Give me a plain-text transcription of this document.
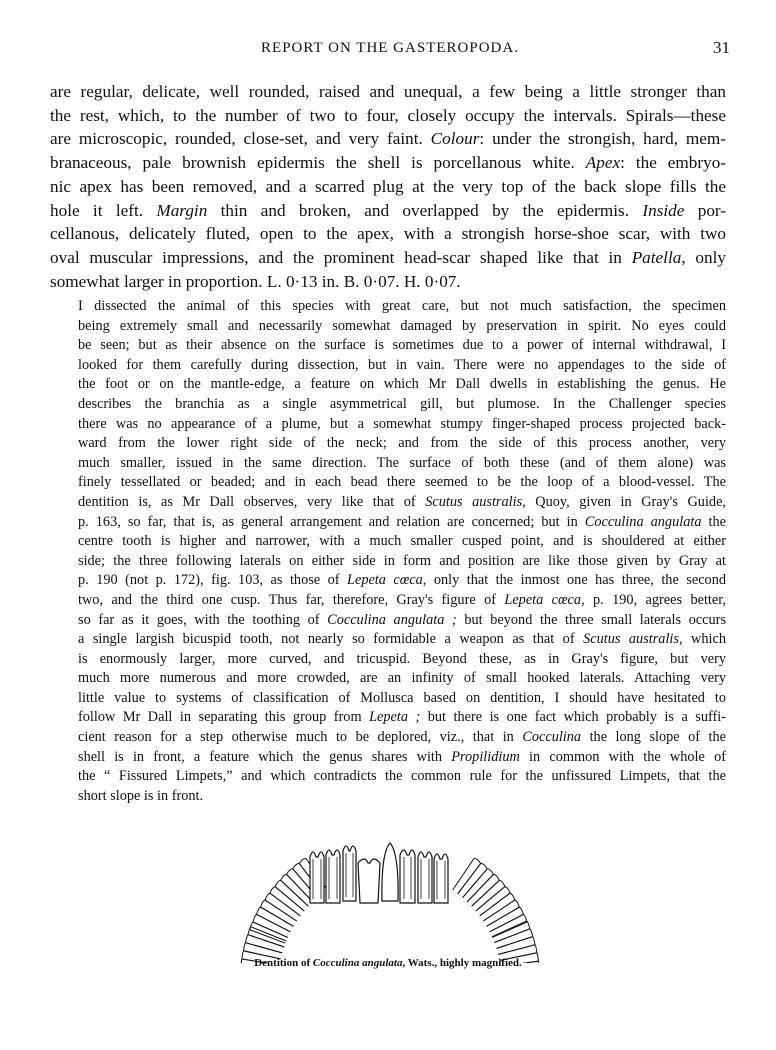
REPORT ON THE GASTEROPODA.	31

are regular, delicate, well rounded, raised and unequal, a few being a little stronger than
the rest, which, to the number of two to four, closely occupy the intervals. Spirals—these
are microscopic, rounded, close-set, and very faint. Colour: under the strongish, hard, mem-
branaceous, pale brownish epidermis the shell is porcellanous white. Apex: the embryo-
nic apex has been removed, and a scarred plug at the very top of the back slope fills the
hole it left. Margin thin and broken, and overlapped by the epidermis. Inside por-
cellanous, delicately fluted, open to the apex, with a strongish horse-shoe scar, with two
oval muscular impressions, and the prominent head-scar shaped like that in Patella, only
somewhat larger in proportion. L. 0·13 in. B. 0·07. H. 0·07.

I dissected the animal of this species with great care, but not much satisfaction, the specimen
being extremely small and necessarily somewhat damaged by preservation in spirit. No eyes could
be seen; but as their absence on the surface is sometimes due to a power of internal withdrawal, I
looked for them carefully during dissection, but in vain. There were no appendages to the side of
the foot or on the mantle-edge, a feature on which Mr Dall dwells in establishing the genus. He
describes the branchia as a single asymmetrical gill, but plumose. In the Challenger species
there was no appearance of a plume, but a somewhat stumpy finger-shaped process projected back-
ward from the lower right side of the neck; and from the side of this process another, very
much smaller, issued in the same direction. The surface of both these (and of them alone) was
finely tessellated or beaded; and in each bead there seemed to be the loop of a blood-vessel. The
dentition is, as Mr Dall observes, very like that of Scutus australis, Quoy, given in Gray's Guide,
p. 163, so far, that is, as general arrangement and relation are concerned; but in Cocculina angulata the
centre tooth is higher and narrower, with a much smaller cusped point, and is shouldered at either
side; the three following laterals on either side in form and position are like those given by Gray at
p. 190 (not p. 172), fig. 103, as those of Lepeta cœca, only that the inmost one has three, the second
two, and the third one cusp. Thus far, therefore, Gray's figure of Lepeta cœca, p. 190, agrees better,
so far as it goes, with the toothing of Cocculina angulata ; but beyond the three small laterals occurs
a single largish bicuspid tooth, not nearly so formidable a weapon as that of Scutus australis, which
is enormously larger, more curved, and tricuspid. Beyond these, as in Gray's figure, but very
much more numerous and more crowded, are an infinity of small hooked laterals. Attaching very
little value to systems of classification of Mollusca based on dentition, I should have hesitated to
follow Mr Dall in separating this group from Lepeta ; but there is one fact which probably is a suffi-
cient reason for a step otherwise much to be deplored, viz., that in Cocculina the long slope of the
shell is in front, a feature which the genus shares with Propilidium in common with the whole of
the “ Fissured Limpets,” and which contradicts the common rule for the unfissured Limpets, that the
short slope is in front.

Dentition of Cocculina angulata, Wats., highly magnified.
